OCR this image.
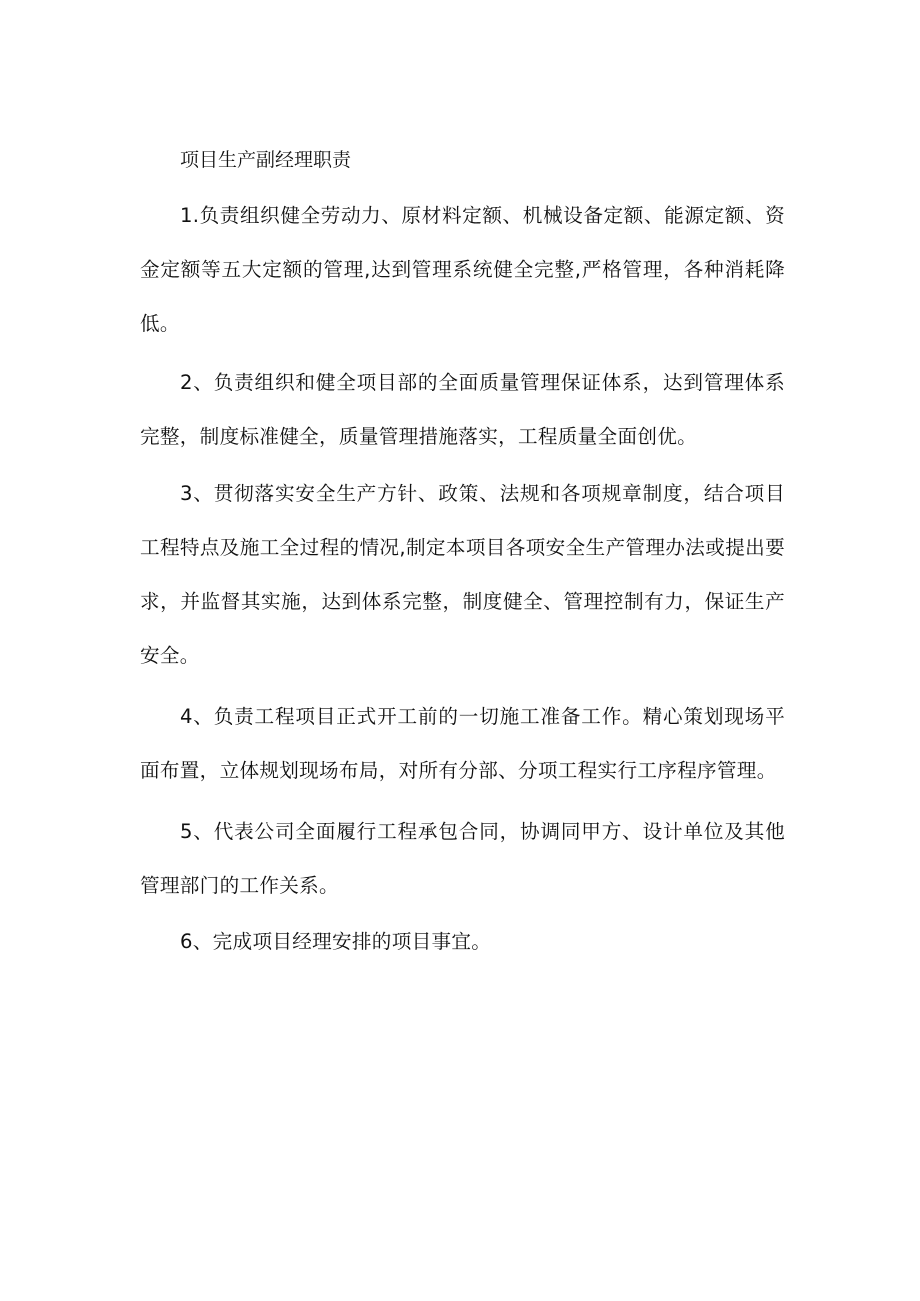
项目生产副经理职责

1.负责组织健全劳动力、原材料定额、机械设备定额、能源定额、资金定额等五大定额的管理,达到管理系统健全完整,严格管理，各种消耗降低。

2、负责组织和健全项目部的全面质量管理保证体系，达到管理体系完整，制度标准健全，质量管理措施落实，工程质量全面创优。

3、贯彻落实安全生产方针、政策、法规和各项规章制度，结合项目工程特点及施工全过程的情况,制定本项目各项安全生产管理办法或提出要求，并监督其实施，达到体系完整，制度健全、管理控制有力，保证生产安全。

4、负责工程项目正式开工前的一切施工准备工作。精心策划现场平面布置，立体规划现场布局，对所有分部、分项工程实行工序程序管理。

5、代表公司全面履行工程承包合同，协调同甲方、设计单位及其他管理部门的工作关系。

6、完成项目经理安排的项目事宜。
